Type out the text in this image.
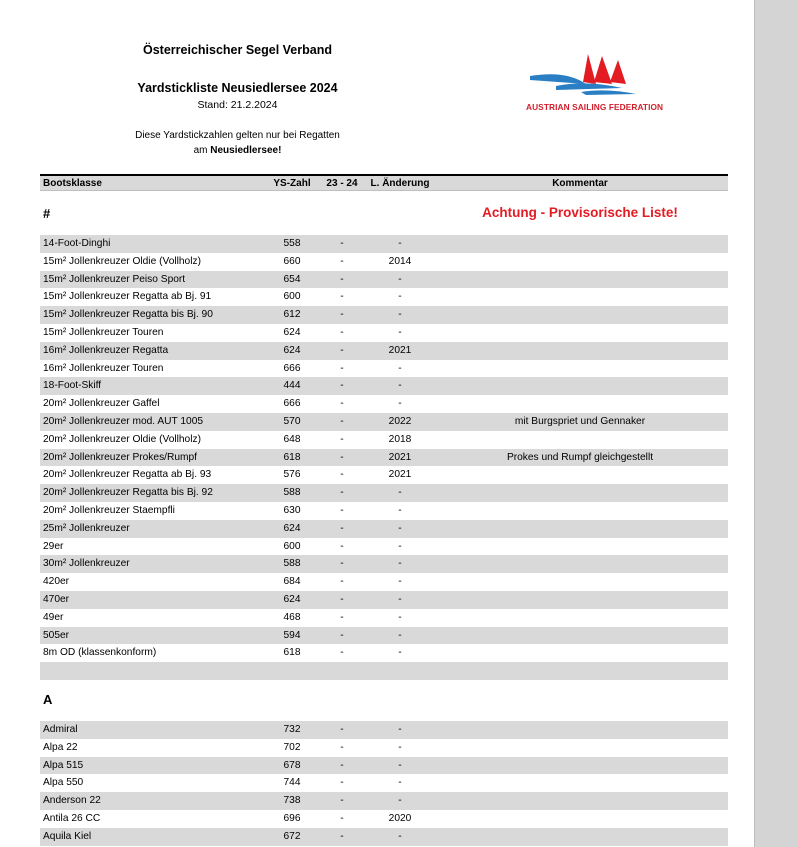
Österreichischer Segel Verband
Yardstickliste Neusiedlersee 2024
Stand: 21.2.2024
Diese Yardstickzahlen gelten nur bei Regatten
am Neusiedlersee!
AUSTRIAN SAILING FEDERATION
Bootsklasse	YS-Zahl	23 - 24	L. Änderung	Kommentar
Achtung - Provisorische Liste!
#
14-Foot-Dinghi	558	-	-
15m² Jollenkreuzer Oldie (Vollholz)	660	-	2014
15m² Jollenkreuzer Peiso Sport	654	-	-
15m² Jollenkreuzer Regatta ab Bj. 91	600	-	-
15m² Jollenkreuzer Regatta bis Bj. 90	612	-	-
15m² Jollenkreuzer Touren	624	-	-
16m² Jollenkreuzer Regatta	624	-	2021
16m² Jollenkreuzer Touren	666	-	-
18-Foot-Skiff	444	-	-
20m² Jollenkreuzer Gaffel	666	-	-
20m² Jollenkreuzer mod. AUT 1005	570	-	2022	mit Burgspriet und Gennaker
20m² Jollenkreuzer Oldie (Vollholz)	648	-	2018
20m² Jollenkreuzer Prokes/Rumpf	618	-	2021	Prokes und Rumpf gleichgestellt
20m² Jollenkreuzer Regatta ab Bj. 93	576	-	2021
20m² Jollenkreuzer Regatta bis Bj. 92	588	-	-
20m² Jollenkreuzer Staempfli	630	-	-
25m² Jollenkreuzer	624	-	-
29er	600	-	-
30m² Jollenkreuzer	588	-	-
420er	684	-	-
470er	624	-	-
49er	468	-	-
505er	594	-	-
8m OD (klassenkonform)	618	-	-
A
Admiral	732	-	-
Alpa 22	702	-	-
Alpa 515	678	-	-
Alpa 550	744	-	-
Anderson 22	738	-	-
Antila 26 CC	696	-	2020
Aquila Kiel	672	-	-
